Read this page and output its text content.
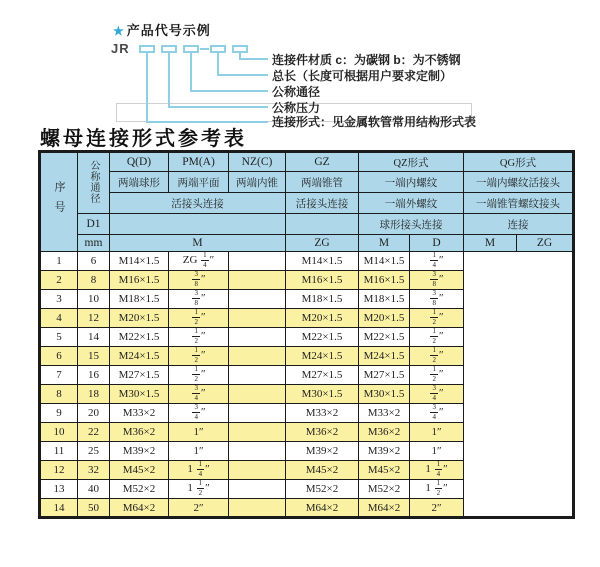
★ 产品代号示例
JR
连接件材质 c：为碳钢 b：为不锈钢
总长（长度可根据用户要求定制）
公称通径
公称压力
连接形式：见金属软管常用结构形式表
螺母连接形式参考表
序号	公称通径	Q(D)	PM(A)	NZ(C)	GZ	QZ形式		QG形式	
		两端球形	两端平面	两端内锥	两端锥管	一端内螺纹		一端内螺纹活接头	
		活接头连接			活接头连接	一端外螺纹		一端锥管螺纹接头	
	D1					球形接头连接		连接	
	mm	M			ZG	M	D	M	ZG
1	6	M14×1.5	ZG $\frac{1}{4}$ ″		M14×1.5	M14×1.5	$\frac{1}{4}$ ″		
2	8	M16×1.5	$\frac{3}{8}$ ″		M16×1.5	M16×1.5	$\frac{3}{8}$ ″		
3	10	M18×1.5	$\frac{3}{8}$ ″		M18×1.5	M18×1.5	$\frac{3}{8}$ ″		
4	12	M20×1.5	$\frac{1}{2}$ ″		M20×1.5	M20×1.5	$\frac{1}{2}$ ″		
5	14	M22×1.5	$\frac{1}{2}$ ″		M22×1.5	M22×1.5	$\frac{1}{2}$ ″		
6	15	M24×1.5	$\frac{1}{2}$ ″		M24×1.5	M24×1.5	$\frac{1}{2}$ ″		
7	16	M27×1.5	$\frac{1}{2}$ ″		M27×1.5	M27×1.5	$\frac{1}{2}$ ″		
8	18	M30×1.5	$\frac{3}{4}$ ″		M30×1.5	M30×1.5	$\frac{3}{4}$ ″		
9	20	M33×2	$\frac{3}{4}$ ″		M33×2	M33×2	$\frac{3}{4}$ ″		
10	22	M36×2	1″		M36×2	M36×2	1″		
11	25	M39×2	1″		M39×2	M39×2	1″		
12	32	M45×2	$1 \frac{1}{4}$ ″		M45×2	M45×2	$1 \frac{1}{4}$ ″		
13	40	M52×2	$1 \frac{1}{2}$ ″		M52×2	M52×2	$1 \frac{1}{2}$ ″		
14	50	M64×2	2″		M64×2	M64×2	2″		
